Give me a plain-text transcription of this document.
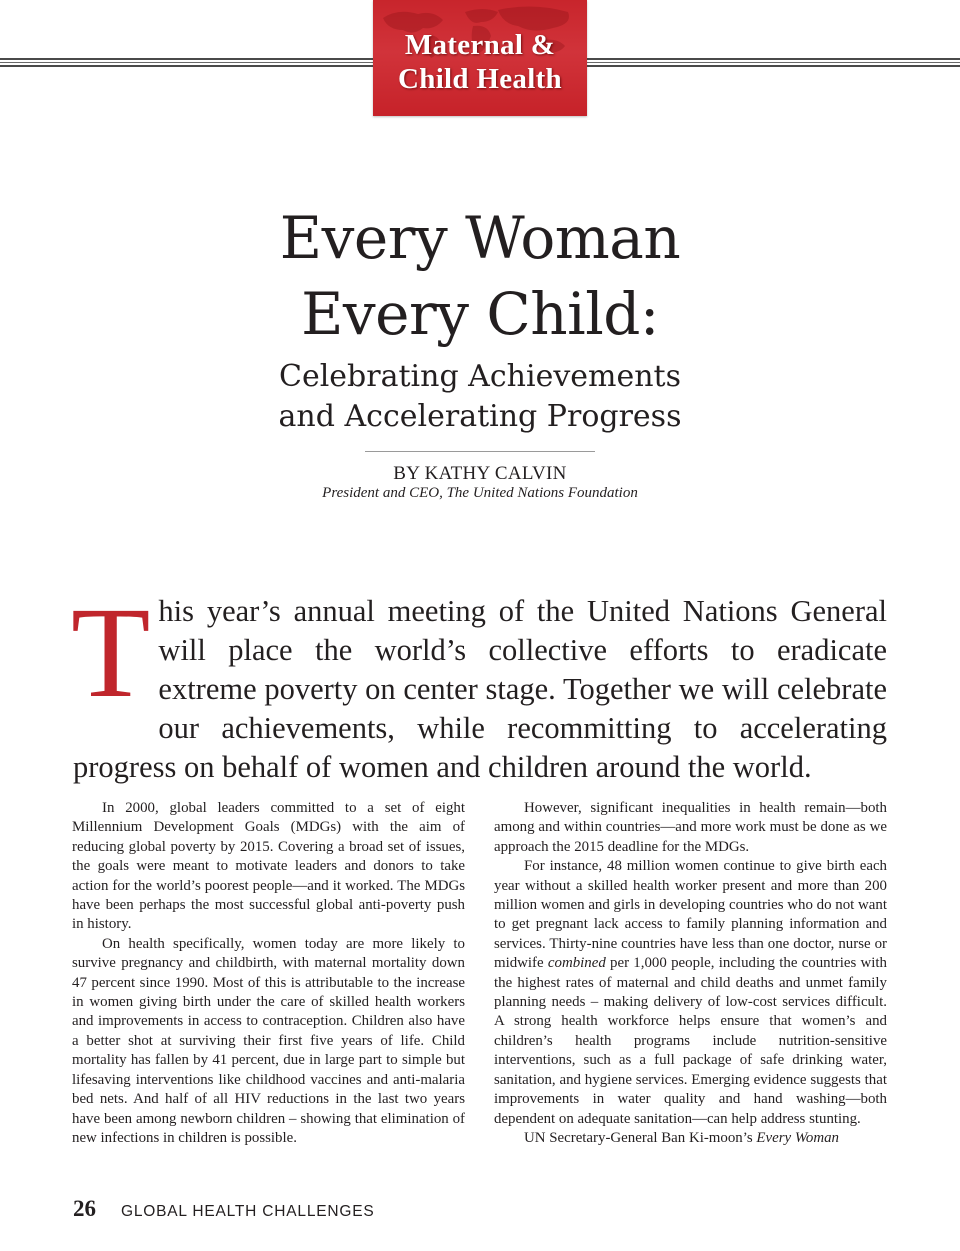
Maternal &
Child Health
Every Woman
Every Child:
Celebrating Achievements
and Accelerating Progress
BY KATHY CALVIN
President and CEO, The United Nations Foundation
T his year’s annual meeting of the United Nations General will place the world’s collective efforts to eradicate extreme poverty on center stage. Together we will celebrate our achievements, while recommitting to accelerating progress on behalf of women and children around the world.

In 2000, global leaders committed to a set of eight Millennium Development Goals (MDGs) with the aim of reducing global poverty by 2015. Covering a broad set of issues, the goals were meant to motivate leaders and donors to take action for the world’s poorest people—and it worked. The MDGs have been perhaps the most successful global anti-poverty push in history.

On health specifically, women today are more likely to survive pregnancy and childbirth, with maternal mortality down 47 percent since 1990. Most of this is attributable to the increase in women giving birth under the care of skilled health workers and improvements in access to contraception. Children also have a better shot at surviving their first five years of life. Child mortality has fallen by 41 percent, due in large part to simple but lifesaving interventions like childhood vaccines and anti-malaria bed nets. And half of all HIV reductions in the last two years have been among newborn children – showing that elimination of new infections in children is possible.

However, significant inequalities in health remain—both among and within countries—and more work must be done as we approach the 2015 deadline for the MDGs.

For instance, 48 million women continue to give birth each year without a skilled health worker present and more than 200 million women and girls in developing countries who do not want to get pregnant lack access to family planning information and services. Thirty-nine countries have less than one doctor, nurse or midwife combined per 1,000 people, including the countries with the highest rates of maternal and child deaths and unmet family planning needs – making delivery of low-cost services difficult. A strong health workforce helps ensure that women’s and children’s health programs include nutrition-sensitive interventions, such as a full package of safe drinking water, sanitation, and hygiene services. Emerging evidence suggests that improvements in water quality and hand washing—both dependent on adequate sanitation—can help address stunting.

UN Secretary-General Ban Ki-moon’s Every Woman

26 GLOBAL HEALTH CHALLENGES
